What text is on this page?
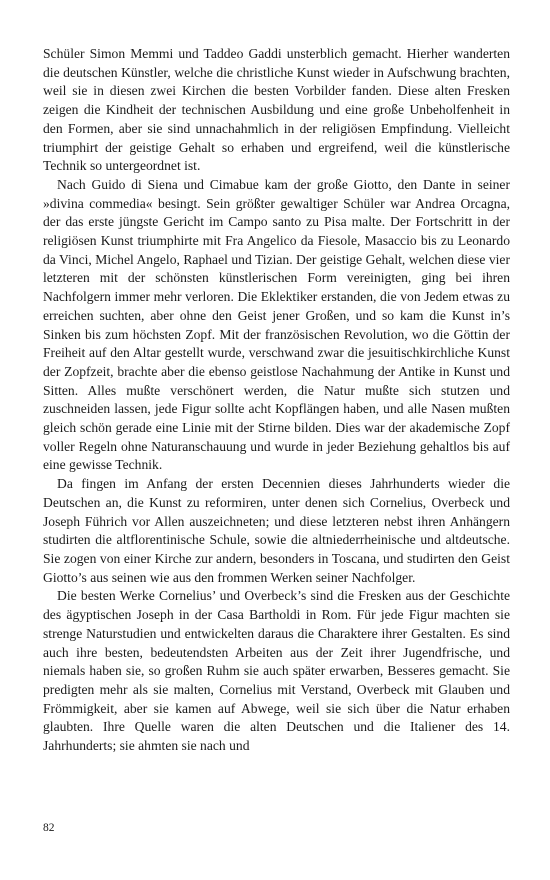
Schüler Simon Memmi und Taddeo Gaddi unsterblich gemacht. Hierher wanderten die deutschen Künstler, welche die christliche Kunst wieder in Aufschwung brachten, weil sie in diesen zwei Kirchen die besten Vorbilder fanden. Diese alten Fresken zeigen die Kindheit der technischen Ausbildung und eine große Unbeholfenheit in den Formen, aber sie sind unnachahmlich in der religiösen Empfindung. Vielleicht triumphirt der geistige Gehalt so erhaben und ergreifend, weil die künstlerische Technik so untergeordnet ist.

Nach Guido di Siena und Cimabue kam der große Giotto, den Dante in seiner »divina commedia« besingt. Sein größter gewaltiger Schüler war Andrea Orcagna, der das erste jüngste Gericht im Campo santo zu Pisa malte. Der Fortschritt in der religiösen Kunst triumphirte mit Fra Angelico da Fiesole, Masaccio bis zu Leonardo da Vinci, Michel Angelo, Raphael und Tizian. Der geistige Gehalt, welchen diese vier letzteren mit der schönsten künstlerischen Form vereinigten, ging bei ihren Nachfolgern immer mehr verloren. Die Eklektiker erstanden, die von Jedem etwas zu erreichen suchten, aber ohne den Geist jener Großen, und so kam die Kunst in’s Sinken bis zum höchsten Zopf. Mit der französischen Revolution, wo die Göttin der Freiheit auf den Altar gestellt wurde, verschwand zwar die jesuitischkirchliche Kunst der Zopfzeit, brachte aber die ebenso geistlose Nachahmung der Antike in Kunst und Sitten. Alles mußte verschönert werden, die Natur mußte sich stutzen und zuschneiden lassen, jede Figur sollte acht Kopflängen haben, und alle Nasen mußten gleich schön gerade eine Linie mit der Stirne bilden. Dies war der akademische Zopf voller Regeln ohne Naturanschauung und wurde in jeder Beziehung gehaltlos bis auf eine gewisse Technik.

Da fingen im Anfang der ersten Decennien dieses Jahrhunderts wieder die Deutschen an, die Kunst zu reformiren, unter denen sich Cornelius, Overbeck und Joseph Führich vor Allen auszeichneten; und diese letzteren nebst ihren Anhängern studirten die altflorentinische Schule, sowie die altniederrheinische und altdeutsche. Sie zogen von einer Kirche zur andern, besonders in Toscana, und studirten den Geist Giotto’s aus seinen wie aus den frommen Werken seiner Nachfolger.

Die besten Werke Cornelius’ und Overbeck’s sind die Fresken aus der Geschichte des ägyptischen Joseph in der Casa Bartholdi in Rom. Für jede Figur machten sie strenge Naturstudien und entwickelten daraus die Charaktere ihrer Gestalten. Es sind auch ihre besten, bedeutendsten Arbeiten aus der Zeit ihrer Jugendfrische, und niemals haben sie, so großen Ruhm sie auch später erwarben, Besseres gemacht. Sie predigten mehr als sie malten, Cornelius mit Verstand, Overbeck mit Glauben und Frömmigkeit, aber sie kamen auf Abwege, weil sie sich über die Natur erhaben glaubten. Ihre Quelle waren die alten Deutschen und die Italiener des 14. Jahrhunderts; sie ahmten sie nach und

82
